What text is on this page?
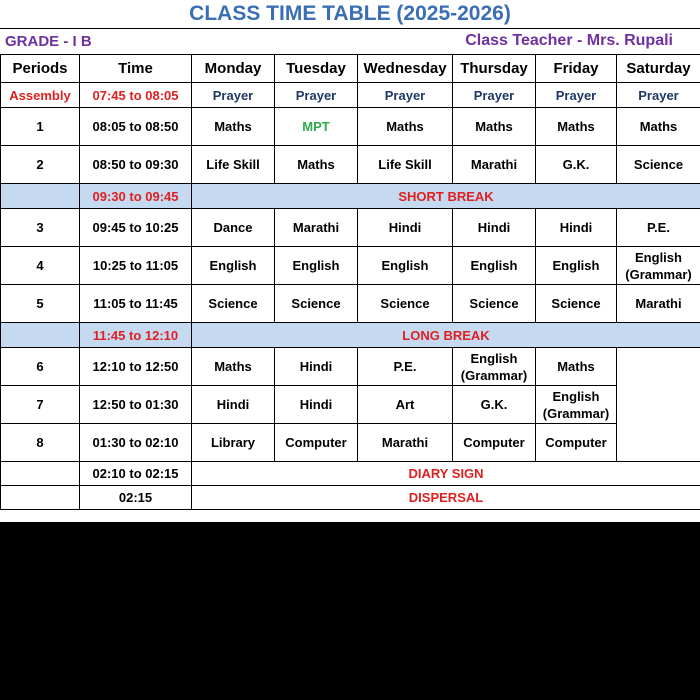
CLASS TIME TABLE (2025-2026)
GRADE - I B	Class Teacher - Mrs. Rupali
Periods	Time	Monday	Tuesday	Wednesday	Thursday	Friday	Saturday
Assembly	07:45 to 08:05	Prayer	Prayer	Prayer	Prayer	Prayer	Prayer
1	08:05 to 08:50	Maths	MPT	Maths	Maths	Maths	Maths
2	08:50 to 09:30	Life Skill	Maths	Life Skill	Marathi	G.K.	Science
	09:30 to 09:45	SHORT BREAK					
3	09:45 to 10:25	Dance	Marathi	Hindi	Hindi	Hindi	P.E.
4	10:25 to 11:05	English	English	English	English	English	English (Grammar)
5	11:05 to 11:45	Science	Science	Science	Science	Science	Marathi
	11:45 to 12:10	LONG BREAK					
6	12:10 to 12:50	Maths	Hindi	P.E.	English (Grammar)	Maths	
7	12:50 to 01:30	Hindi	Hindi	Art	G.K.	English (Grammar)	
8	01:30 to 02:10	Library	Computer	Marathi	Computer	Computer	
	02:10 to 02:15	DIARY SIGN					
	02:15	DISPERSAL					
